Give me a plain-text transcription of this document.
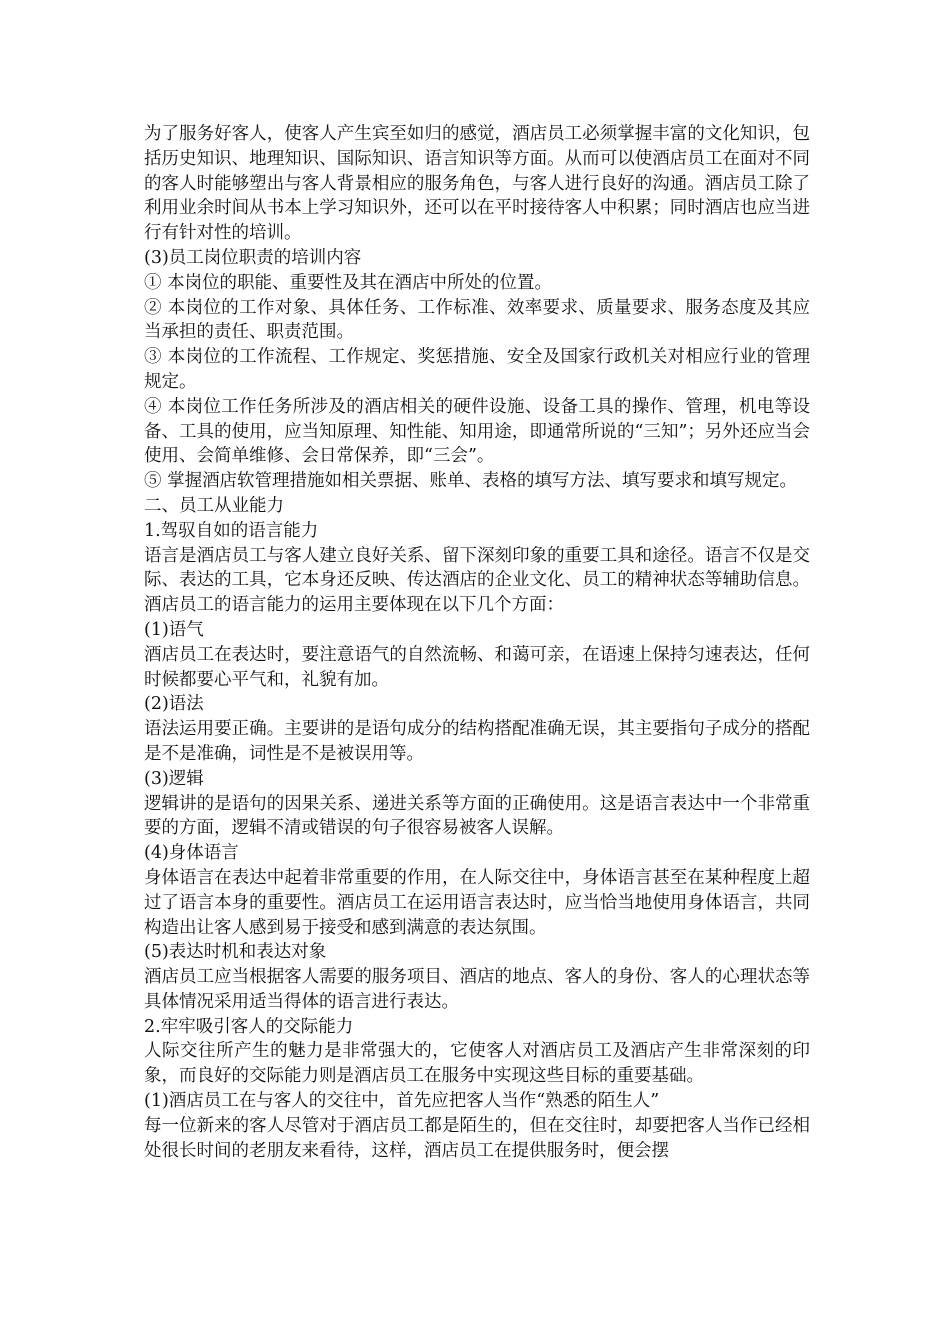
为了服务好客人，使客人产生宾至如归的感觉，酒店员工必须掌握丰富的文化知识，包括历史知识、地理知识、国际知识、语言知识等方面。从而可以使酒店员工在面对不同的客人时能够塑出与客人背景相应的服务角色，与客人进行良好的沟通。酒店员工除了利用业余时间从书本上学习知识外，还可以在平时接待客人中积累；同时酒店也应当进行有针对性的培训。

(3)员工岗位职责的培训内容

① 本岗位的职能、重要性及其在酒店中所处的位置。

② 本岗位的工作对象、具体任务、工作标准、效率要求、质量要求、服务态度及其应当承担的责任、职责范围。

③ 本岗位的工作流程、工作规定、奖惩措施、安全及国家行政机关对相应行业的管理规定。

④ 本岗位工作任务所涉及的酒店相关的硬件设施、设备工具的操作、管理，机电等设备、工具的使用，应当知原理、知性能、知用途，即通常所说的“三知”；另外还应当会使用、会简单维修、会日常保养，即“三会”。

⑤ 掌握酒店软管理措施如相关票据、账单、表格的填写方法、填写要求和填写规定。

二、员工从业能力

1.驾驭自如的语言能力

语言是酒店员工与客人建立良好关系、留下深刻印象的重要工具和途径。语言不仅是交际、表达的工具，它本身还反映、传达酒店的企业文化、员工的精神状态等辅助信息。酒店员工的语言能力的运用主要体现在以下几个方面：

(1)语气

酒店员工在表达时，要注意语气的自然流畅、和蔼可亲，在语速上保持匀速表达，任何时候都要心平气和，礼貌有加。

(2)语法

语法运用要正确。主要讲的是语句成分的结构搭配准确无误，其主要指句子成分的搭配是不是准确，词性是不是被误用等。

(3)逻辑

逻辑讲的是语句的因果关系、递进关系等方面的正确使用。这是语言表达中一个非常重要的方面，逻辑不清或错误的句子很容易被客人误解。

(4)身体语言

身体语言在表达中起着非常重要的作用，在人际交往中，身体语言甚至在某种程度上超过了语言本身的重要性。酒店员工在运用语言表达时，应当恰当地使用身体语言，共同构造出让客人感到易于接受和感到满意的表达氛围。

(5)表达时机和表达对象

酒店员工应当根据客人需要的服务项目、酒店的地点、客人的身份、客人的心理状态等具体情况采用适当得体的语言进行表达。

2.牢牢吸引客人的交际能力

人际交往所产生的魅力是非常强大的，它使客人对酒店员工及酒店产生非常深刻的印象，而良好的交际能力则是酒店员工在服务中实现这些目标的重要基础。

(1)酒店员工在与客人的交往中，首先应把客人当作“熟悉的陌生人”

每一位新来的客人尽管对于酒店员工都是陌生的，但在交往时，却要把客人当作已经相处很长时间的老朋友来看待，这样，酒店员工在提供服务时，便会摆
